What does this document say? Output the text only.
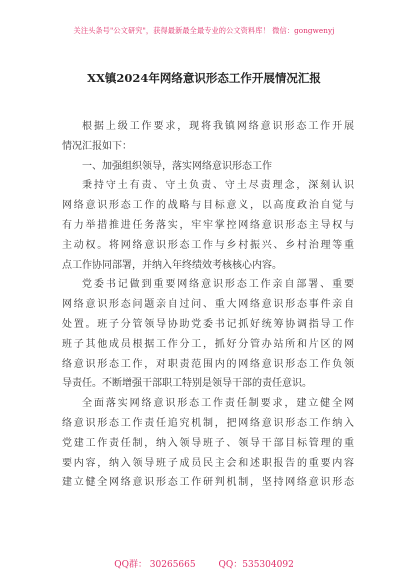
关注头条号"公文研究"，获得最新最全最专业的公文资料库！ 微信：gongwenyj
XX镇2024年网络意识形态工作开展情况汇报
根据上级工作要求，现将我镇网络意识形态工作开展
情况汇报如下：
一、加强组织领导，落实网络意识形态工作
秉持守土有责、守土负责、守土尽责理念，深刻认识
网络意识形态工作的战略与目标意义，以高度政治自觉与
有力举措推进任务落实，牢牢掌控网络意识形态主导权与
主动权。将网络意识形态工作与乡村振兴、乡村治理等重
点工作协同部署，并纳入年终绩效考核核心内容。
党委书记做到重要网络意识形态工作亲自部署、重要
网络意识形态问题亲自过问、重大网络意识形态事件亲自
处置。班子分管领导协助党委书记抓好统筹协调指导工作
班子其他成员根据工作分工，抓好分管办站所和片区的网
络意识形态工作，对职责范围内的网络意识形态工作负领
导责任。不断增强干部职工特别是领导干部的责任意识。
全面落实网络意识形态工作责任制要求，建立健全网
络意识形态工作责任追究机制，把网络意识形态工作纳入
党建工作责任制，纳入领导班子、领导干部目标管理的重
要内容，纳入领导班子成员民主会和述职报告的重要内容
建立健全网络意识形态工作研判机制，坚持网络意识形态
QQ群： 30265665	QQ：535304092
